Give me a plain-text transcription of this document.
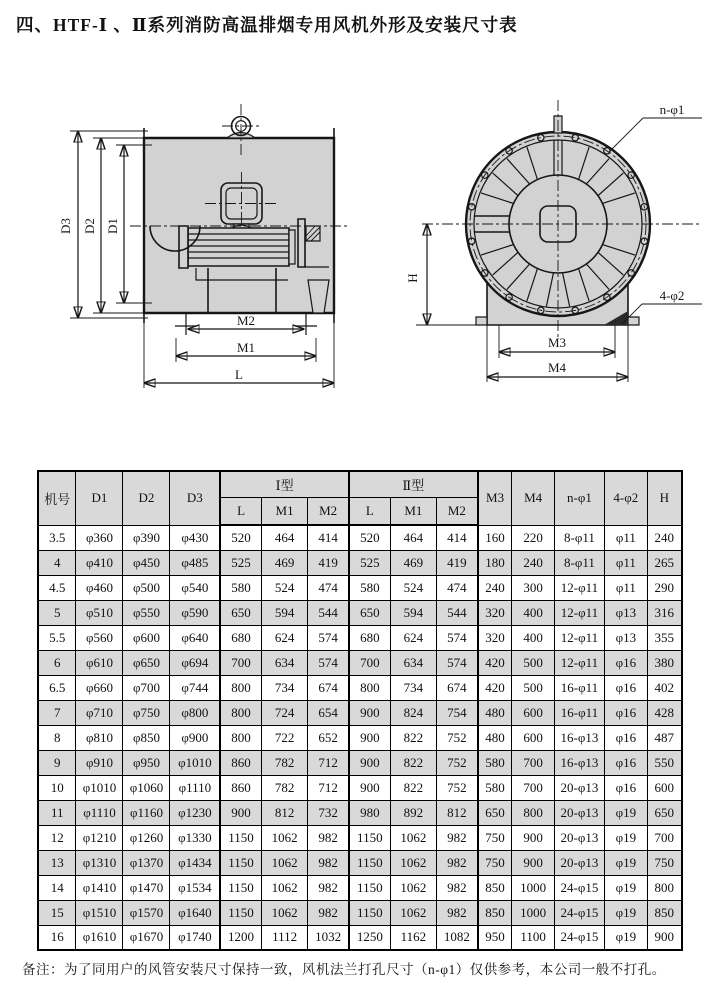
四、HTF-Ⅰ 、Ⅱ系列消防高温排烟专用风机外形及安装尺寸表
D3 D2 D1
M2
M1
L
H
M3
M4
n-φ1
4-φ2
机号	D1	D2	D3	Ⅰ型			Ⅱ型			M3	M4	n-φ1	4-φ2	H
				L	M1	M2	L	M1	M2					
3.5	φ360	φ390	φ430	520	464	414	520	464	414	160	220	8-φ11	φ11	240
4	φ410	φ450	φ485	525	469	419	525	469	419	180	240	8-φ11	φ11	265
4.5	φ460	φ500	φ540	580	524	474	580	524	474	240	300	12-φ11	φ11	290
5	φ510	φ550	φ590	650	594	544	650	594	544	320	400	12-φ11	φ13	316
5.5	φ560	φ600	φ640	680	624	574	680	624	574	320	400	12-φ11	φ13	355
6	φ610	φ650	φ694	700	634	574	700	634	574	420	500	12-φ11	φ16	380
6.5	φ660	φ700	φ744	800	734	674	800	734	674	420	500	16-φ11	φ16	402
7	φ710	φ750	φ800	800	724	654	900	824	754	480	600	16-φ11	φ16	428
8	φ810	φ850	φ900	800	722	652	900	822	752	480	600	16-φ13	φ16	487
9	φ910	φ950	φ1010	860	782	712	900	822	752	580	700	16-φ13	φ16	550
10	φ1010	φ1060	φ1110	860	782	712	900	822	752	580	700	20-φ13	φ16	600
11	φ1110	φ1160	φ1230	900	812	732	980	892	812	650	800	20-φ13	φ19	650
12	φ1210	φ1260	φ1330	1150	1062	982	1150	1062	982	750	900	20-φ13	φ19	700
13	φ1310	φ1370	φ1434	1150	1062	982	1150	1062	982	750	900	20-φ13	φ19	750
14	φ1410	φ1470	φ1534	1150	1062	982	1150	1062	982	850	1000	24-φ15	φ19	800
15	φ1510	φ1570	φ1640	1150	1062	982	1150	1062	982	850	1000	24-φ15	φ19	850
16	φ1610	φ1670	φ1740	1200	1112	1032	1250	1162	1082	950	1100	24-φ15	φ19	900
备注：为了同用户的风管安装尺寸保持一致，风机法兰打孔尺寸（n-φ1）仅供参考，本公司一般不打孔。
